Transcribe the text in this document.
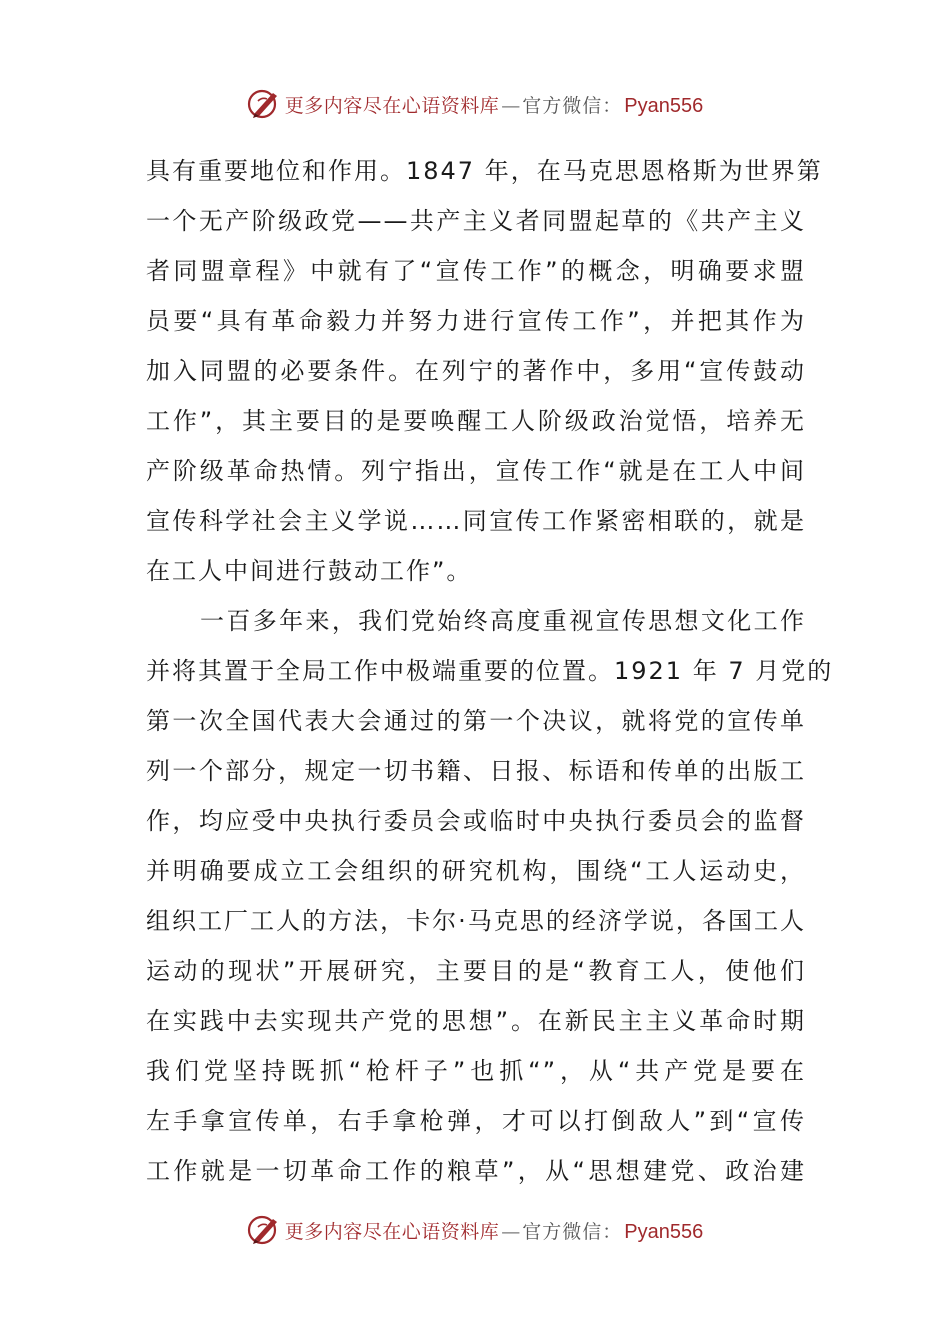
更多内容尽在心语资料库 — 官方微信： Pyan556
具有重要地位和作用。1847 年，在马克思恩格斯为世界第
一个无产阶级政党——共产主义者同盟起草的《共产主义
者同盟章程》中就有了“宣传工作”的概念，明确要求盟
员要“具有革命毅力并努力进行宣传工作”，并把其作为
加入同盟的必要条件。在列宁的著作中，多用“宣传鼓动
工作”，其主要目的是要唤醒工人阶级政治觉悟，培养无
产阶级革命热情。列宁指出，宣传工作“就是在工人中间
宣传科学社会主义学说……同宣传工作紧密相联的，就是
在工人中间进行鼓动工作”。
一百多年来，我们党始终高度重视宣传思想文化工作
并将其置于全局工作中极端重要的位置。1921 年 7 月党的
第一次全国代表大会通过的第一个决议，就将党的宣传单
列一个部分，规定一切书籍、日报、标语和传单的出版工
作，均应受中央执行委员会或临时中央执行委员会的监督
并明确要成立工会组织的研究机构，围绕“工人运动史，
组织工厂工人的方法，卡尔·马克思的经济学说，各国工人
运动的现状”开展研究，主要目的是“教育工人，使他们
在实践中去实现共产党的思想”。在新民主主义革命时期
我们党坚持既抓“枪杆子”也抓“”，从“共产党是要在
左手拿宣传单，右手拿枪弹，才可以打倒敌人”到“宣传
工作就是一切革命工作的粮草”，从“思想建党、政治建
更多内容尽在心语资料库 — 官方微信： Pyan556
